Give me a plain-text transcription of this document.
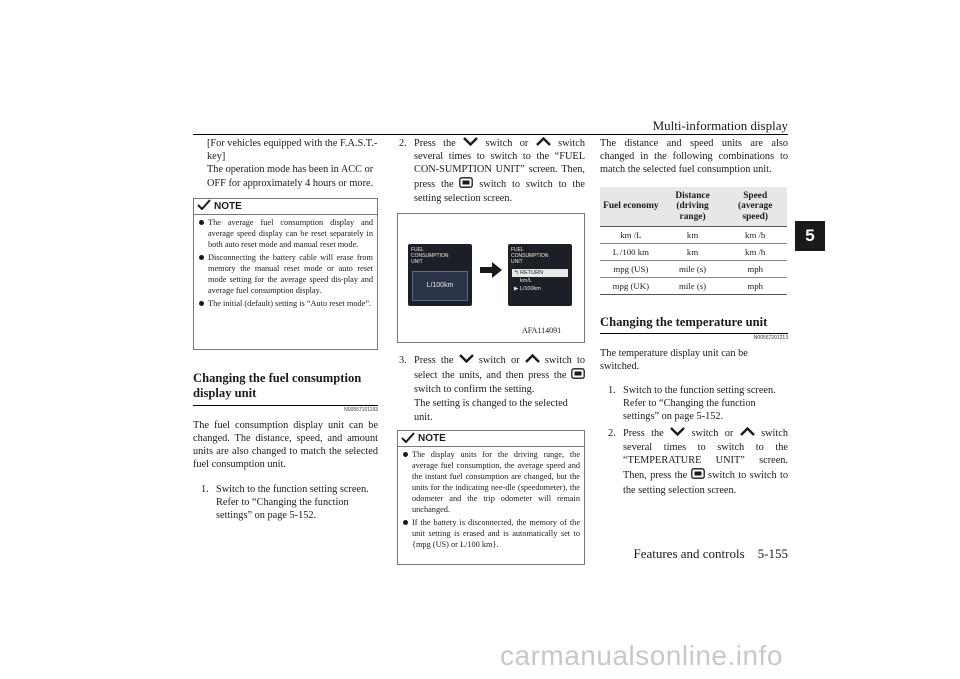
Multi-information display
5

[For vehicles equipped with the F.A.S.T.-

key]

The operation mode has been in ACC or

OFF for approximately 4 hours or more.

NOTE
The average fuel consumption display and average speed display can be reset separately in both auto reset mode and manual reset mode.
Disconnecting the battery cable will erase from memory the manual reset mode or auto reset mode setting for the average speed dis-play and average fuel consumption display.
The initial (default) setting is “Auto reset mode”.
Changing the fuel consumption display unit
N00557101193

The fuel consumption display unit can be changed. The distance, speed, and amount units are also changed to match the selected fuel consumption unit.

1. Switch to the function setting screen.

Refer to “Changing the function settings” on page 5-152.

2. Press the	switch or	switch several times to switch to the “FUEL CON-SUMPTION UNIT” screen. Then, press the switch to switch to the setting selection screen.
FUEL CONSUMPTION UNIT
L/100km
FUEL CONSUMPTION UNIT
↰ RETURN
km/L
▶ L/100km
AFA114091
3. Press the switch or switch to select the units, and then press the  switch to confirm the setting.

The setting is changed to the selected unit.

NOTE
The display units for the driving range, the average fuel consumption, the average speed and the instant fuel consumption are changed, but the units for the indicating nee-dle (speedometer), the odometer and the trip odometer will remain unchanged.
If the battery is disconnected, the memory of the unit setting is erased and is automatically set to {mpg (US) or L/100 km}.

The distance and speed units are also changed in the following combinations to match the selected fuel consumption unit.

Fuel economy	Distance (driving range)	Speed (average speed)
km /L	km	km /h
L /100 km	km	km /h
mpg (US)	mile (s)	mph
mpg (UK)	mile (s)	mph
Changing the temperature unit
N00557201213

The temperature display unit can be switched.

1. Switch to the function setting screen.

Refer to “Changing the function settings” on page 5-152.

2. Press the	switch or	switch several times to switch to the “TEMPERATURE UNIT” screen. Then, press the switch to switch to the setting selection screen.
Features and controls    5-155
carmanualsonline.info
